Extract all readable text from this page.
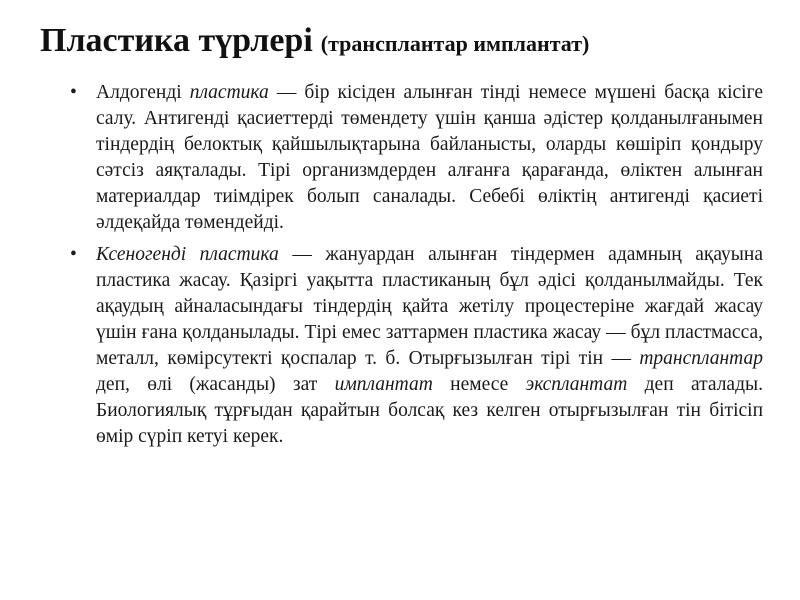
Пластика түрлері (трансплантар имплантат)
• Алдогенді пластика — бір кісіден алынған тінді немесе мүшені басқа кісіге салу. Антигенді қасиеттерді төмендету үшін қанша әдістер қолданылғанымен тіндердің белоктық қайшылықтарына байланысты, оларды көшіріп қондыру сәтсіз аяқталады. Тірі организмдерден алғанға қарағанда, өліктен алынған материалдар тиімдірек болып саналады. Себебі өліктің антигенді қасиеті әлдеқайда төмендейді.
• Ксеногенді пластика — жануардан алынған тіндермен адамның ақауына пластика жасау. Қазіргі уақытта пластиканың бұл әдісі қолданылмайды. Тек ақаудың айналасындағы тіндердің қайта жетілу процестеріне жағдай жасау үшін ғана қолданылады. Тірі емес заттармен пластика жасау — бұл пластмасса, металл, көмірсутекті қоспалар т. б. Отырғызылған тірі тін — трансплантар деп, өлі (жасанды) зат имплантат немесе эксплантат деп аталады. Биологиялық тұрғыдан қарайтын болсақ кез келген отырғызылған тін бітісіп өмір сүріп кетуі керек.
